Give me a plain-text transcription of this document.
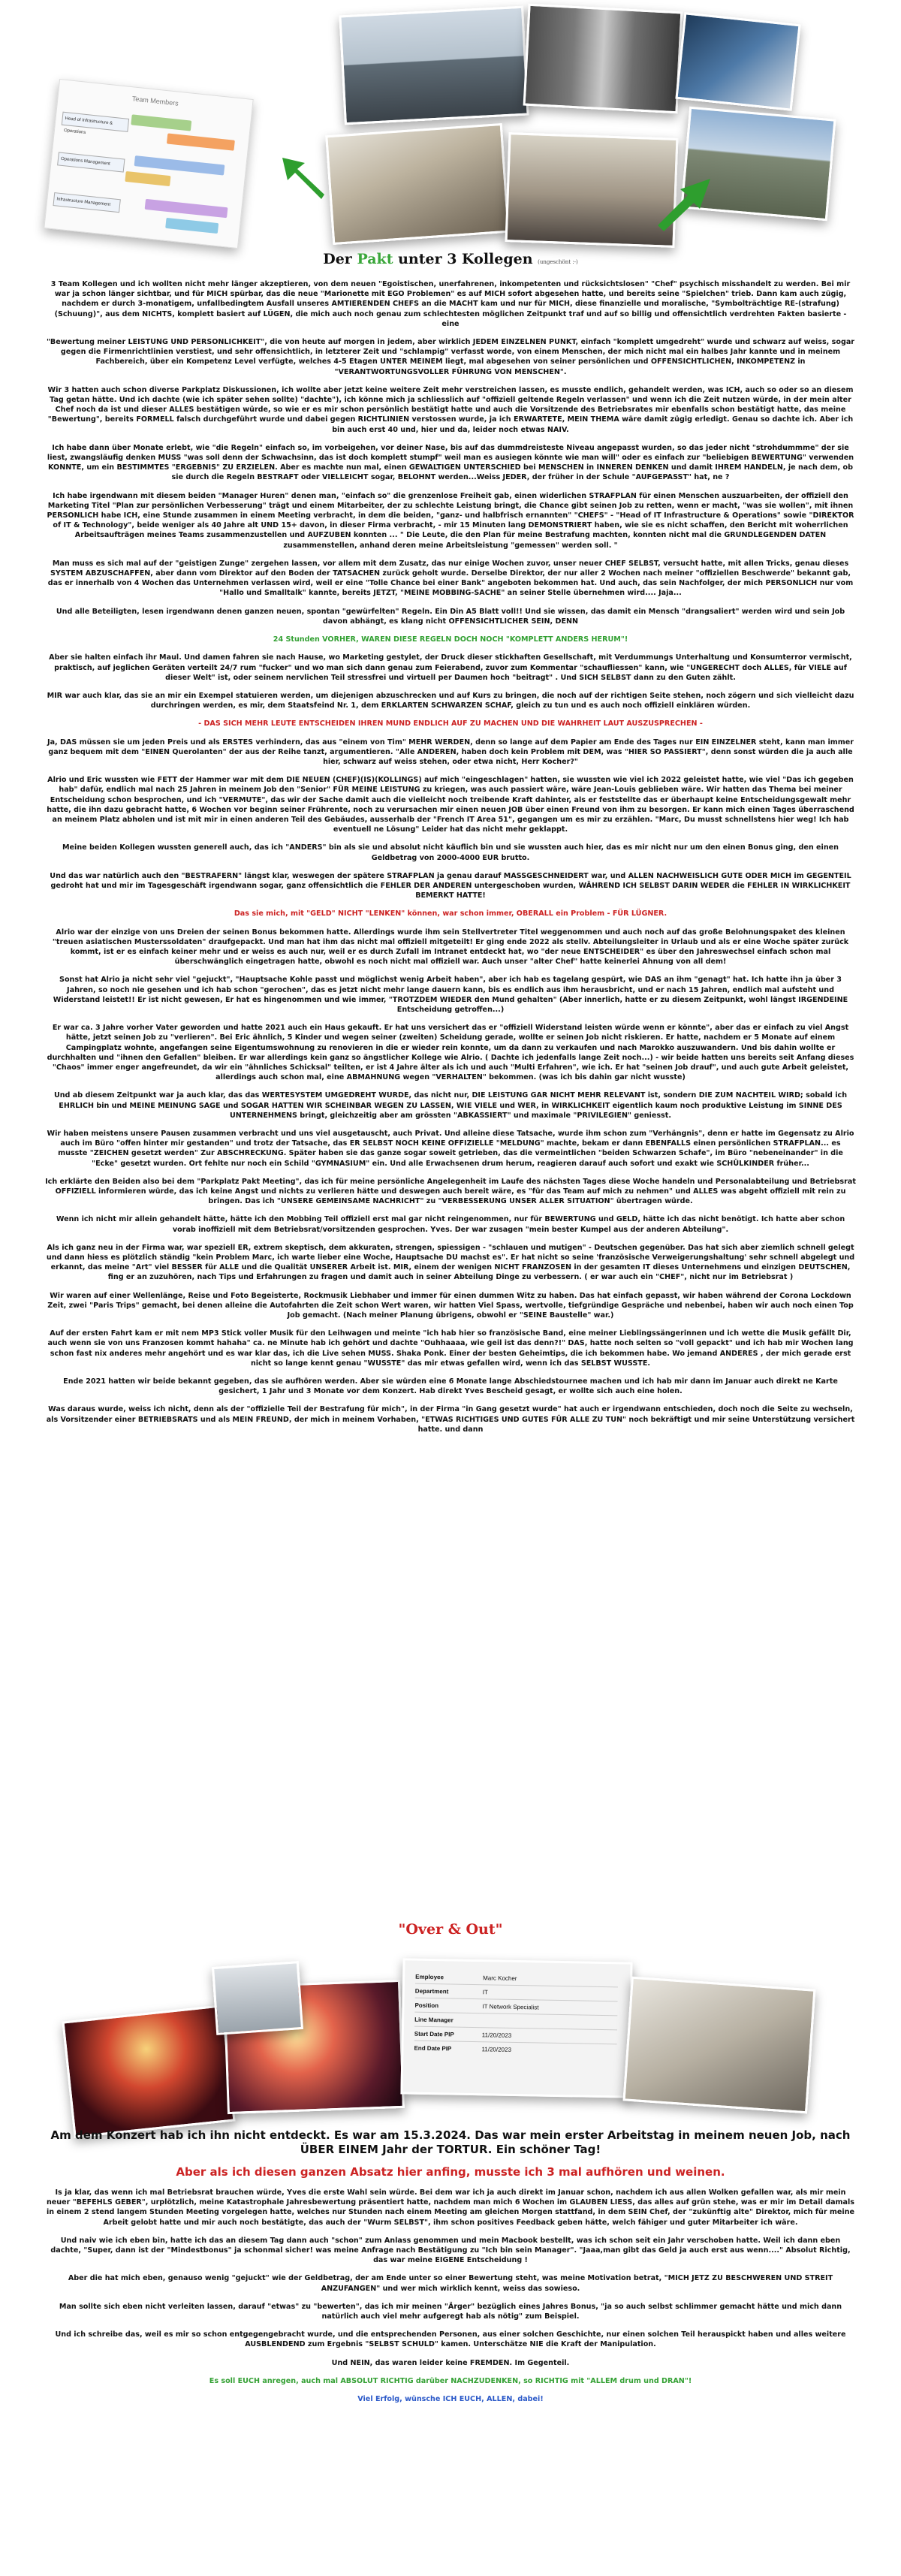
Team Members
Head of Infrastructure & Operations
Operations Management
Infrastructure Management
Der Pakt unter 3 Kollegen (ungeschönt :-)

3 Team Kollegen und ich wollten nicht mehr länger akzeptieren, von dem neuen "Egoistischen, unerfahrenen, inkompetenten und rücksichtslosen" "Chef" psychisch misshandelt zu werden. Bei mir war ja schon länger sichtbar, und für MICH spürbar, das die neue "Marionette mit EGO Problemen" es auf MICH sofort abgesehen hatte, und bereits seine "Spielchen" trieb. Dann kam auch zügig, nachdem er durch 3-monatigem, unfallbedingtem Ausfall unseres AMTIERENDEN CHEFS an die MACHT kam und nur für MICH, diese finanzielle und moralische, "Symbolträchtige RE-(strafung) (Schuung)", aus dem NICHTS, komplett basiert auf LÜGEN, die mich auch noch genau zum schlechtesten möglichen Zeitpunkt traf und auf so billig und offensichtlich verdrehten Fakten basierte - eine

"Bewertung meiner LEISTUNG UND PERSONLICHKEIT", die von heute auf morgen in jedem, aber wirklich JEDEM EINZELNEN PUNKT, einfach "komplett umgedreht" wurde und schwarz auf weiss, sogar gegen die Firmenrichtlinien verstiest, und sehr offensichtlich, in letzterer Zeit und "schlampig" verfasst worde, von einem Menschen, der mich nicht mal ein halbes Jahr kannte und in meinem Fachbereich, über ein Kompetenz Level verfügte, welches 4-5 Etagen UNTER MEINEM liegt, mal abgesehen von seiner persönlichen und OFFENSICHTLICHEN, INKOMPETENZ in "VERANTWORTUNGSVOLLER FÜHRUNG VON MENSCHEN".

Wir 3 hatten auch schon diverse Parkplatz Diskussionen, ich wollte aber jetzt keine weitere Zeit mehr verstreichen lassen, es musste endlich, gehandelt werden, was ICH, auch so oder so an diesem Tag getan hätte. Und ich dachte (wie ich später sehen sollte) "dachte"), ich könne mich ja schliesslich auf "offiziell geltende Regeln verlassen" und wenn ich die Zeit nutzen würde, in der mein alter Chef noch da ist und dieser ALLES bestätigen würde, so wie er es mir schon persönlich bestätigt hatte und auch die Vorsitzende des Betriebsrates mir ebenfalls schon bestätigt hatte, das meine "Bewertung", bereits FORMELL falsch durchgeführt wurde und dabei gegen RICHTLINIEN verstossen wurde, ja ich ERWARTETE, MEIN THEMA wäre damit zügig erledigt. Genau so dachte ich. Aber ich bin auch erst 40 und, hier und da, leider noch etwas NAIV.

Ich habe dann über Monate erlebt, wie "die Regeln" einfach so, im vorbeigehen, vor deiner Nase, bis auf das dummdreisteste Niveau angepasst wurden, so das jeder nicht "strohdummme" der sie liest, zwangsläufig denken MUSS "was soll denn der Schwachsinn, das ist doch komplett stumpf" weil man es ausiegen könnte wie man will" oder es einfach zur "beliebigen BEWERTUNG" verwenden KONNTE, um ein BESTIMMTES "ERGEBNIS" ZU ERZIELEN. Aber es machte nun mal, einen GEWALTIGEN UNTERSCHIED bei MENSCHEN in INNEREN DENKEN und damit IHREM HANDELN, je nach dem, ob sie durch die Regeln BESTRAFT oder VIELLEICHT sogar, BELOHNT werden...Weiss JEDER, der früher in der Schule "AUFGEPASST" hat, ne ?

Ich habe irgendwann mit diesem beiden "Manager Huren" denen man, "einfach so" die grenzenlose Freiheit gab, einen widerlichen STRAFPLAN für einen Menschen auszuarbeiten, der offiziell den Marketing Titel "Plan zur persönlichen Verbesserung" trägt und einem Mitarbeiter, der zu schlechte Leistung bringt, die Chance gibt seinen Job zu retten, wenn er macht, "was sie wollen", mit ihnen PERSONLICH habe ICH, eine Stunde zusammen in einem Meeting verbracht, in dem die beiden, "ganz- und halbfrisch ernannten" "CHEFS" - "Head of IT Infrastructure & Operations" sowie "DIREKTOR of IT & Technology", beide weniger als 40 Jahre alt UND 15+ davon, in dieser Firma verbracht, - mir 15 Minuten lang DEMONSTRIERT haben, wie sie es nicht schaffen, den Bericht mit woherrlichen Arbeitsaufträgen meines Teams zusammenzustellen und AUFZUBEN konnten ... " Die Leute, die den Plan für meine Bestrafung machten, konnten nicht mal die GRUNDLEGENDEN DATEN zusammenstellen, anhand deren meine Arbeitsleistung "gemessen" werden soll. "

Man muss es sich mal auf der "geistigen Zunge" zergehen lassen, vor allem mit dem Zusatz, das nur einige Wochen zuvor, unser neuer CHEF SELBST, versucht hatte, mit allen Tricks, genau dieses SYSTEM ABZUSCHAFFEN, aber dann vom Direktor auf den Boden der TATSACHEN zurück geholt wurde. Derselbe Direktor, der nur aller 2 Wochen nach meiner "offiziellen Beschwerde" bekannt gab, das er innerhalb von 4 Wochen das Unternehmen verlassen wird, weil er eine "Tolle Chance bei einer Bank" angeboten bekommen hat. Und auch, das sein Nachfolger, der mich PERSONLICH nur vom "Hallo und Smalltalk" kannte, bereits JETZT, "MEINE MOBBING-SACHE" an seiner Stelle übernehmen wird.... Jaja...

Und alle Beteiligten, lesen irgendwann denen ganzen neuen, spontan "gewürfelten" Regeln. Ein Din A5 Blatt voll!! Und sie wissen, das damit ein Mensch "drangsaliert" werden wird und sein Job davon abhängt, es klang nicht OFFENSICHTLICHER SEIN, DENN

24 Stunden VORHER, WAREN DIESE REGELN DOCH NOCH "KOMPLETT ANDERS HERUM"!

Aber sie halten einfach ihr Maul. Und damen fahren sie nach Hause, wo Marketing gestylet, der Druck dieser stickhaften Gesellschaft, mit Verdummungs Unterhaltung und Konsumterror vermischt, praktisch, auf jeglichen Geräten verteilt 24/7 rum "fucker" und wo man sich dann genau zum Feierabend, zuvor zum Kommentar "schaufliessen" kann, wie "UNGERECHT doch ALLES, für VIELE auf dieser Welt" ist, oder seinem nervlichen Teil stressfrei und virtuell per Daumen hoch "beitragt" . Und SICH SELBST dann zu den Guten zählt.

MIR war auch klar, das sie an mir ein Exempel statuieren werden, um diejenigen abzuschrecken und auf Kurs zu bringen, die noch auf der richtigen Seite stehen, noch zögern und sich vielleicht dazu durchringen werden, es mir, dem Staatsfeind Nr. 1, dem ERKLARTEN SCHWARZEN SCHAF, gleich zu tun und es auch noch offiziell einklären würden.

- DAS SICH MEHR LEUTE ENTSCHEIDEN IHREN MUND ENDLICH AUF ZU MACHEN UND DIE WAHRHEIT LAUT AUSZUSPRECHEN -

Ja, DAS müssen sie um jeden Preis und als ERSTES verhindern, das aus "einem von Tim" MEHR WERDEN, denn so lange auf dem Papier am Ende des Tages nur EIN EINZELNER steht, kann man immer ganz bequem mit dem "EINEN Querolanten" der aus der Reihe tanzt, argumentieren. "Alle ANDEREN, haben doch kein Problem mit DEM, was "HIER SO PASSIERT", denn sonst würden die ja auch alle hier, schwarz auf weiss stehen, oder etwa nicht, Herr Kocher?"

Alrio und Eric wussten wie FETT der Hammer war mit dem DIE NEUEN (CHEF)(IS)(KOLLINGS) auf mich "eingeschlagen" hatten, sie wussten wie viel ich 2022 geleistet hatte, wie viel "Das ich gegeben hab" dafür, endlich mal nach 25 Jahren in meinem Job den "Senior" FÜR MEINE LEISTUNG zu kriegen, was auch passiert wäre, wäre Jean-Louis geblieben wäre. Wir hatten das Thema bei meiner Entscheidung schon besprochen, und ich "VERMUTE", das wir der Sache damit auch die vielleicht noch treibende Kraft dahinter, als er feststellte das er überhaupt keine Entscheidungsgewalt mehr hatte, die ihn dazu gebracht hatte, 6 Wochen vor beginn seiner Frührente, noch zu verursachen mir einen neuen JOB über einen Freund von ihm zu besorgen. Er kann mich einen Tages überraschend an meinem Platz abholen und ist mit mir in einen anderen Teil des Gebäudes, ausserhalb der "French IT Area 51", gegangen um es mir zu erzählen. "Marc, Du musst schnellstens hier weg! Ich hab eventuell ne Lösung" Leider hat das nicht mehr geklappt.

Meine beiden Kollegen wussten generell auch, das ich "ANDERS" bin als sie und absolut nicht käuflich bin und sie wussten auch hier, das es mir nicht nur um den einen Bonus ging, den einen Geldbetrag von 2000-4000 EUR brutto.

Und das war natürlich auch den "BESTRAFERN" längst klar, weswegen der spätere STRAFPLAN ja genau darauf MASSGESCHNEIDERT war, und ALLEN NACHWEISLICH GUTE ODER MICH im GEGENTEIL gedroht hat und mir im Tagesgeschäft irgendwann sogar, ganz offensichtlich die FEHLER DER ANDEREN untergeschoben wurden, WÄHREND ICH SELBST DARIN WEDER die FEHLER IN WIRKLICHKEIT BEMERKT HATTE!

Das sie mich, mit "GELD" NICHT "LENKEN" können, war schon immer, OBERALL ein Problem - FÜR LÜGNER.

Alrio war der einzige von uns Dreien der seinen Bonus bekommen hatte. Allerdings wurde ihm sein Stellvertreter Titel weggenommen und auch noch auf das große Belohnungspaket des kleinen "treuen asiatischen Musterssoldaten" draufgepackt. Und man hat ihm das nicht mal offiziell mitgeteilt! Er ging ende 2022 als stellv. Abteilungsleiter in Urlaub und als er eine Woche später zurück kommt, ist er es einfach keiner mehr und er weiss es auch nur, weil er es durch Zufall im Intranet entdeckt hat, wo "der neue ENTSCHEIDER" es über den Jahreswechsel einfach schon mal überschwänglich eingetragen hatte, obwohl es noch nicht mal offiziell war. Auch unser "alter Chef" hatte keinerlei Ahnung von all dem!

Sonst hat Alrio ja nicht sehr viel "gejuckt", "Hauptsache Kohle passt und möglichst wenig Arbeit haben", aber ich hab es tagelang gespürt, wie DAS an ihm "genagt" hat. Ich hatte ihn ja über 3 Jahren, so noch nie gesehen und ich hab schon "gerochen", das es jetzt nicht mehr lange dauern kann, bis es endlich aus ihm herausbricht, und er nach 15 Jahren, endlich mal aufsteht und Widerstand leistet!! Er ist nicht gewesen, Er hat es hingenommen und wie immer, "TROTZDEM WIEDER den Mund gehalten" (Aber innerlich, hatte er zu diesem Zeitpunkt, wohl längst IRGENDEINE Entscheidung getroffen...)

Er war ca. 3 Jahre vorher Vater geworden und hatte 2021 auch ein Haus gekauft. Er hat uns versichert das er "offiziell Widerstand leisten würde wenn er könnte", aber das er einfach zu viel Angst hätte, jetzt seinen Job zu "verlieren". Bei Eric ähnlich, 5 Kinder und wegen seiner (zweiten) Scheidung gerade, wollte er seinen Job nicht riskieren. Er hatte, nachdem er 5 Monate auf einem Campingplatz wohnte, angefangen seine Eigentumswohnung zu renovieren in die er wieder rein konnte, um da dann zu verkaufen und nach Marokko auszuwandern. Und bis dahin wollte er durchhalten und "ihnen den Gefallen" bleiben. Er war allerdings kein ganz so ängstlicher Kollege wie Alrio. ( Dachte ich jedenfalls lange Zeit noch...) - wir beide hatten uns bereits seit Anfang dieses "Chaos" immer enger angefreundet, da wir ein "ähnliches Schicksal" teilten, er ist 4 Jahre älter als ich und auch "Multi Erfahren", wie ich. Er hat "seinen Job drauf", und auch gute Arbeit geleistet, allerdings auch schon mal, eine ABMAHNUNG wegen "VERHALTEN" bekommen. (was ich bis dahin gar nicht wusste)

Und ab diesem Zeitpunkt war ja auch klar, das das WERTESYSTEM UMGEDREHT WURDE, das nicht nur, DIE LEISTUNG GAR NICHT MEHR RELEVANT ist, sondern DIE ZUM NACHTEIL WIRD; sobald ich EHRLICH bin und MEINE MEINUNG SAGE und SOGAR HATTEN WIR SCHEINBAR WEGEN ZU LASSEN, WIE VIELE und WER, in WIRKLICHKEIT eigentlich kaum noch produktive Leistung im SINNE DES UNTERNEHMENS bringt, gleichzeitig aber am grössten "ABKASSIERT" und maximale "PRIVILEGIEN" geniesst.

Wir haben meistens unsere Pausen zusammen verbracht und uns viel ausgetauscht, auch Privat. Und alleine diese Tatsache, wurde ihm schon zum "Verhängnis", denn er hatte im Gegensatz zu Alrio auch im Büro "offen hinter mir gestanden" und trotz der Tatsache, das ER SELBST NOCH KEINE OFFIZIELLE "MELDUNG" machte, bekam er dann EBENFALLS einen persönlichen STRAFPLAN... es musste "ZEICHEN gesetzt werden" Zur ABSCHRECKUNG. Später haben sie das ganze sogar soweit getrieben, das die vermeintlichen "beiden Schwarzen Schafe", im Büro "nebeneinander" in die "Ecke" gesetzt wurden. Ort fehlte nur noch ein Schild "GYMNASIUM" ein. Und alle Erwachsenen drum herum, reagieren darauf auch sofort und exakt wie SCHÜLKINDER früher...

Ich erklärte den Beiden also bei dem "Parkplatz Pakt Meeting", das ich für meine persönliche Angelegenheit im Laufe des nächsten Tages diese Woche handeln und Personalabteilung und Betriebsrat OFFIZIELL informieren würde, das ich keine Angst und nichts zu verlieren hätte und deswegen auch bereit wäre, es "für das Team auf mich zu nehmen" und ALLES was abgeht offiziell mit rein zu bringen. Das ich "UNSERE GEMEINSAME NACHRICHT" zu "VERBESSERUNG UNSER ALLER SITUATION" übertragen würde.

Wenn ich nicht mir allein gehandelt hätte, hätte ich den Mobbing Teil offiziell erst mal gar nicht reingenommen, nur für BEWERTUNG und GELD, hätte ich das nicht benötigt. Ich hatte aber schon vorab inoffiziell mit dem Betriebsrat/vorsitzenden gesprochen. Yves. Der war zusagen "mein bester Kumpel aus der anderen Abteilung".

Als ich ganz neu in der Firma war, war speziell ER, extrem skeptisch, dem akkuraten, strengen, spiessigen - "schlauen und mutigen" - Deutschen gegenüber. Das hat sich aber ziemlich schnell gelegt und dann hiess es plötzlich ständig "kein Problem Marc, ich warte lieber eine Woche, Hauptsache DU machst es". Er hat nicht so seine 'französische Verweigerungshaltung' sehr schnell abgelegt und erkannt, das meine "Art" viel BESSER für ALLE und die Qualität UNSERER Arbeit ist. MIR, einem der wenigen NICHT FRANZOSEN in der gesamten IT dieses Unternehmens und einzigen DEUTSCHEN, fing er an zuzuhören, nach Tips und Erfahrungen zu fragen und damit auch in seiner Abteilung Dinge zu verbessern. ( er war auch ein "CHEF", nicht nur im Betriebsrat )

Wir waren auf einer Wellenlänge, Reise und Foto Begeisterte, Rockmusik Liebhaber und immer für einen dummen Witz zu haben. Das hat einfach gepasst, wir haben während der Corona Lockdown Zeit, zwei "Paris Trips" gemacht, bei denen alleine die Autofahrten die Zeit schon Wert waren, wir hatten Viel Spass, wertvolle, tiefgründige Gespräche und nebenbei, haben wir auch noch einen Top Job gemacht. (Nach meiner Planung übrigens, obwohl er "SEINE Baustelle" war.)

Auf der ersten Fahrt kam er mit nem MP3 Stick voller Musik für den Leihwagen und meinte "ich hab hier so französische Band, eine meiner Lieblingssängerinnen und ich wette die Musik gefällt Dir, auch wenn sie von uns Franzosen kommt hahaha" ca. ne Minute hab ich gehört und dachte "Ouhhaaaa, wie geil ist das denn?!" DAS, hatte noch selten so "voll gepackt" und ich hab mir Wochen lang schon fast nix anderes mehr angehört und es war klar das, ich die Live sehen MUSS. Shaka Ponk. Einer der besten Geheimtips, die ich bekommen habe. Wo jemand ANDERES , der mich gerade erst nicht so lange kennt genau "WUSSTE" das mir etwas gefallen wird, wenn ich das SELBST WUSSTE.

Ende 2021 hatten wir beide bekannt gegeben, das sie aufhören werden. Aber sie würden eine 6 Monate lange Abschiedstournee machen und ich hab mir dann im Januar auch direkt ne Karte gesichert, 1 Jahr und 3 Monate vor dem Konzert. Hab direkt Yves Bescheid gesagt, er wollte sich auch eine holen.

Was daraus wurde, weiss ich nicht, denn als der "offizielle Teil der Bestrafung für mich", in der Firma "in Gang gesetzt wurde" hat auch er irgendwann entschieden, doch noch die Seite zu wechseln, als Vorsitzender einer BETRIEBSRATS und als MEIN FREUND, der mich in meinem Vorhaben, "ETWAS RICHTIGES UND GUTES FÜR ALLE ZU TUN" noch bekräftigt und mir seine Unterstützung versichert hatte. und dann

"Over & Out"
Employee	Marc Kocher
Department	IT
Position	IT Network Specialist
Line Manager
Start Date PIP	11/20/2023
End Date PIP	11/20/2023

Am dem Konzert hab ich ihn nicht entdeckt. Es war am 15.3.2024. Das war mein erster Arbeitstag in meinem neuen Job, nach ÜBER EINEM Jahr der TORTUR. Ein schöner Tag!

Aber als ich diesen ganzen Absatz hier anfing, musste ich 3 mal aufhören und weinen.

Is ja klar, das wenn ich mal Betriebsrat brauchen würde, Yves die erste Wahl sein würde. Bei dem war ich ja auch direkt im Januar schon, nachdem ich aus allen Wolken gefallen war, als mir mein neuer "BEFEHLS GEBER", urplötzlich, meine Katastrophale Jahresbewertung präsentiert hatte, nachdem man mich 6 Wochen im GLAUBEN LIESS, das alles auf grün stehe, was er mir im Detail damals in einem 2 stend langem Stunden Meeting vorgelegen hatte, welches nur Stunden nach einem Meeting am gleichen Morgen stattfand, in dem SEIN Chef, der "zukünftig alte" Direktor, mich für meine Arbeit gelobt hatte und mir auch noch bestätigte, das auch der "Wurm SELBST", ihm schon positives Feedback geben hätte, welch fähiger und guter Mitarbeiter ich wäre.

Und naiv wie ich eben bin, hatte ich das an diesem Tag dann auch "schon" zum Anlass genommen und mein Macbook bestellt, was ich schon seit ein Jahr verschoben hatte. Weil ich dann eben dachte, "Super, dann ist der "Mindestbonus" ja schonmal sicher! was meine Anfrage nach Bestätigung zu "Ich bin sein Manager". "Jaaa,man gibt das Geld ja auch erst aus wenn...." Absolut Richtig, das war meine EIGENE Entscheidung !

Aber die hat mich eben, genauso wenig "gejuckt" wie der Geldbetrag, der am Ende unter so einer Bewertung steht, was meine Motivation betrat, "MICH JETZ ZU BESCHWEREN UND STREIT ANZUFANGEN" und wer mich wirklich kennt, weiss das sowieso.

Man sollte sich eben nicht verleiten lassen, darauf "etwas" zu "bewerten", das ich mir meinen "Ärger" bezüglich eines Jahres Bonus, "ja so auch selbst schlimmer gemacht hätte und mich dann natürlich auch viel mehr aufgeregt hab als nötig" zum Beispiel.

Und ich schreibe das, weil es mir so schon entgegengebracht wurde, und die entsprechenden Personen, aus einer solchen Geschichte, nur einen solchen Teil herauspickt haben und alles weitere AUSBLENDEND zum Ergebnis "SELBST SCHULD" kamen. Unterschätze NIE die Kraft der Manipulation.

Und NEIN, das waren leider keine FREMDEN. Im Gegenteil.

Es soll EUCH anregen, auch mal ABSOLUT RICHTIG darüber NACHZUDENKEN, so RICHTIG mit "ALLEM drum und DRAN"!

Viel Erfolg, wünsche ICH EUCH, ALLEN, dabei!
